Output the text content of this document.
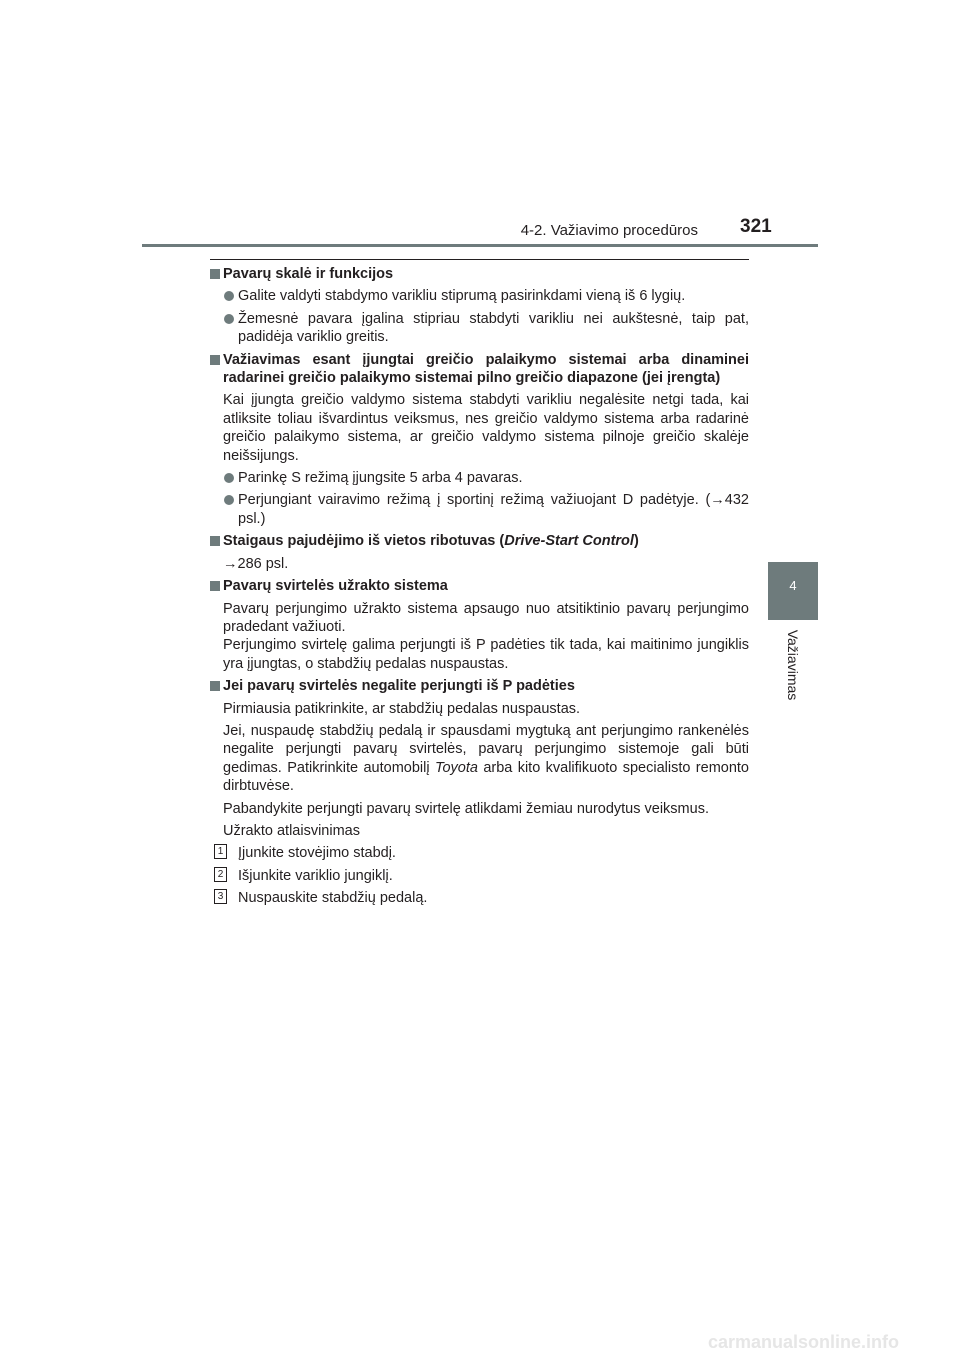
4-2. Važiavimo procedūros 321
4
Važiavimas
Pavarų skalė ir funkcijos
Galite valdyti stabdymo varikliu stiprumą pasirinkdami vieną iš 6 lygių.
Žemesnė pavara įgalina stipriau stabdyti varikliu nei aukštesnė, taip pat, padidėja variklio greitis.
Važiavimas esant įjungtai greičio palaikymo sistemai arba dinaminei radarinei greičio palaikymo sistemai pilno greičio diapazone (jei įrengta)
Kai įjungta greičio valdymo sistema stabdyti varikliu negalėsite netgi tada, kai atliksite toliau išvardintus veiksmus, nes greičio valdymo sistema arba radarinė greičio palaikymo sistema, ar greičio valdymo sistema pilnoje greičio skalėje neišsijungs.
Parinkę S režimą įjungsite 5 arba 4 pavaras.
Perjungiant vairavimo režimą į sportinį režimą važiuojant D padėtyje. (→432 psl.)
Staigaus pajudėjimo iš vietos ribotuvas (Drive-Start Control)
→286 psl.
Pavarų svirtelės užrakto sistema
Pavarų perjungimo užrakto sistema apsaugo nuo atsitiktinio pavarų perjungimo pradedant važiuoti.
Perjungimo svirtelę galima perjungti iš P padėties tik tada, kai maitinimo jungiklis yra įjungtas, o stabdžių pedalas nuspaustas.
Jei pavarų svirtelės negalite perjungti iš P padėties
Pirmiausia patikrinkite, ar stabdžių pedalas nuspaustas.
Jei, nuspaudę stabdžių pedalą ir spausdami mygtuką ant perjungimo rankenėlės negalite perjungti pavarų svirtelės, pavarų perjungimo sistemoje gali būti gedimas. Patikrinkite automobilį Toyota arba kito kvalifikuoto specialisto remonto dirbtuvėse.
Pabandykite perjungti pavarų svirtelę atlikdami žemiau nurodytus veiksmus.
Užrakto atlaisvinimas
1 Įjunkite stovėjimo stabdį.
2 Išjunkite variklio jungiklį.
3 Nuspauskite stabdžių pedalą.
carmanualsonline.info
